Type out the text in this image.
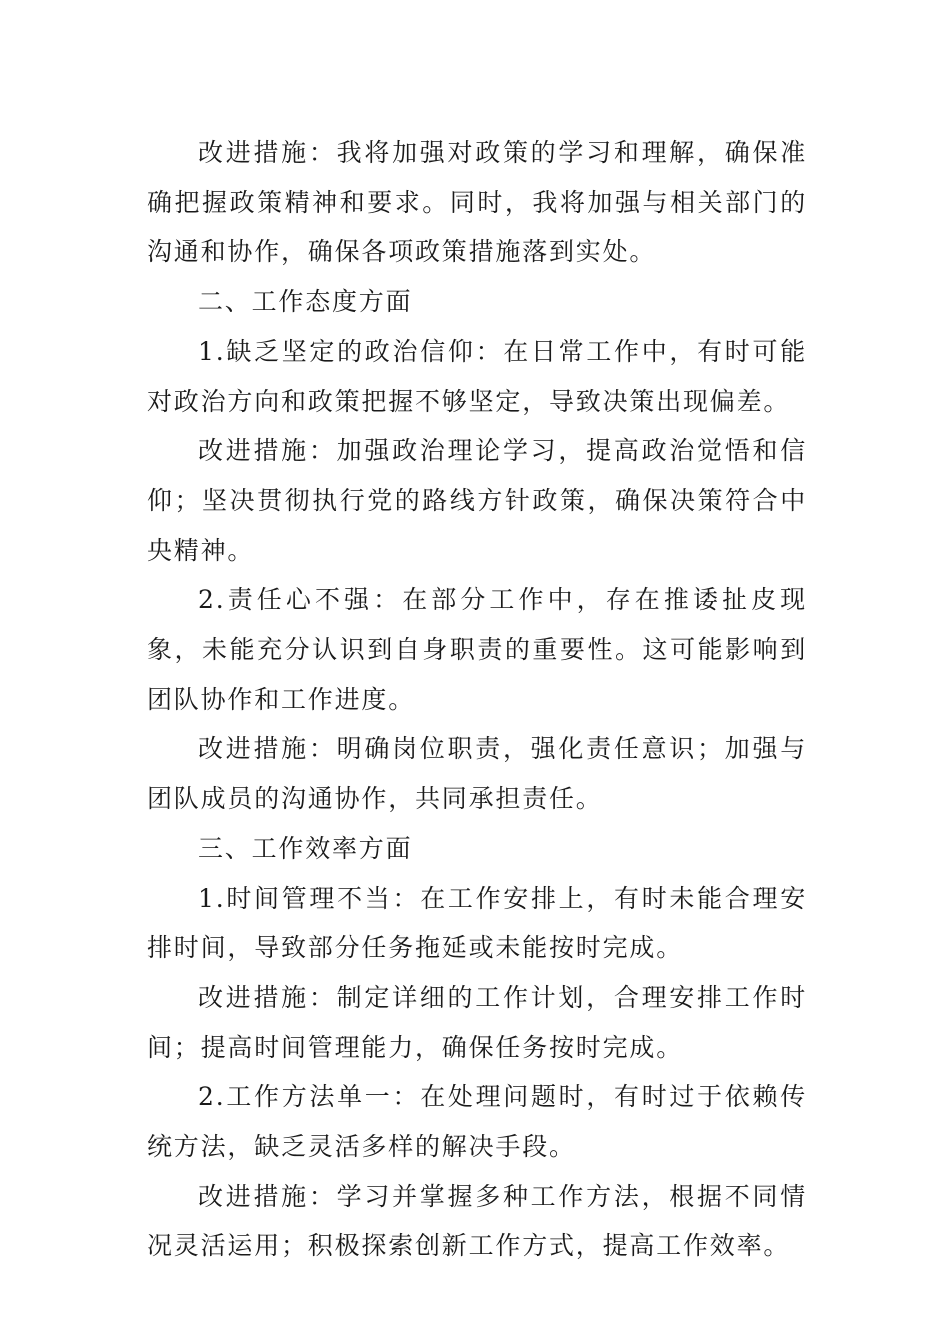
改进措施：我将加强对政策的学习和理解，确保准确把握政策精神和要求。同时，我将加强与相关部门的沟通和协作，确保各项政策措施落到实处。

二、工作态度方面

1.缺乏坚定的政治信仰：在日常工作中，有时可能对政治方向和政策把握不够坚定，导致决策出现偏差。

改进措施：加强政治理论学习，提高政治觉悟和信仰；坚决贯彻执行党的路线方针政策，确保决策符合中央精神。

2.责任心不强：在部分工作中，存在推诿扯皮现象，未能充分认识到自身职责的重要性。这可能影响到团队协作和工作进度。

改进措施：明确岗位职责，强化责任意识；加强与团队成员的沟通协作，共同承担责任。

三、工作效率方面

1.时间管理不当：在工作安排上，有时未能合理安排时间，导致部分任务拖延或未能按时完成。

改进措施：制定详细的工作计划，合理安排工作时间；提高时间管理能力，确保任务按时完成。

2.工作方法单一：在处理问题时，有时过于依赖传统方法，缺乏灵活多样的解决手段。

改进措施：学习并掌握多种工作方法，根据不同情况灵活运用；积极探索创新工作方式，提高工作效率。
